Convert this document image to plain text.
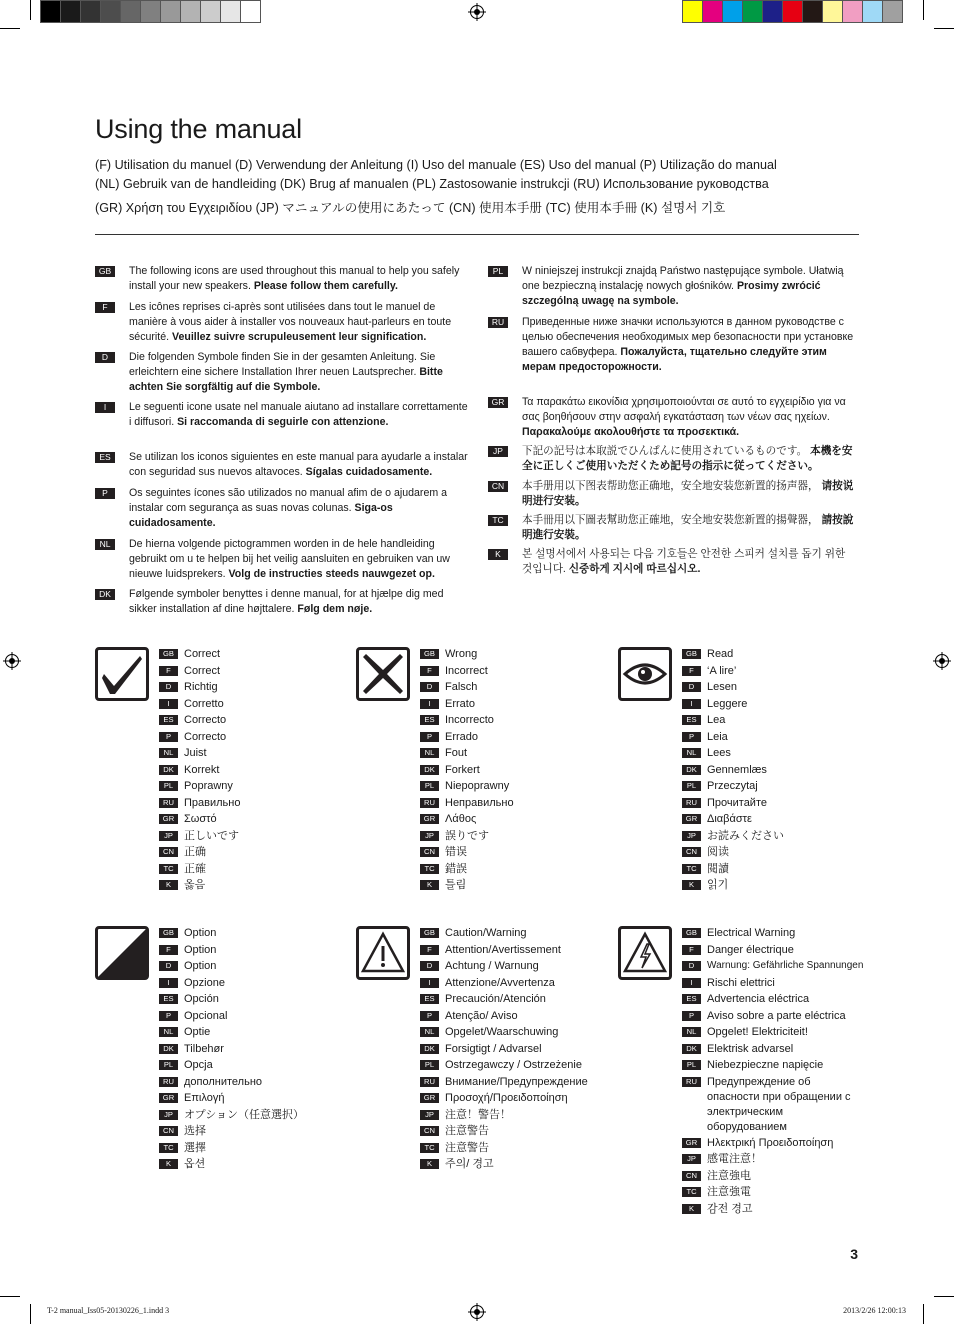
Using the manual
(F) Utilisation du manuel (D) Verwendung der Anleitung (I) Uso del manuale (ES) Uso del manual (P) Utilização do manual
(NL) Gebruik van de handleiding (DK) Brug af manualen (PL) Zastosowanie instrukcji (RU) Использование руководства
(GR) Χρήση του Εγχειριδίου (JP) マニュアルの使用にあたって (CN) 使用本手册 (TC) 使用本手冊 (K) 설명서 기호
GB	The following icons are used throughout this manual to help you safely install your new speakers. Please follow them carefully.
F	Les icônes reprises ci-après sont utilisées dans tout le manuel de manière à vous aider à installer vos nouveaux haut-parleurs en toute sécurité. Veuillez suivre scrupuleusement leur signification.
D	Die folgenden Symbole finden Sie in der gesamten Anleitung. Sie erleichtern eine sichere Installation Ihrer neuen Lautsprecher. Bitte achten Sie sorgfältig auf die Symbole.
I	Le seguenti icone usate nel manuale aiutano ad installare correttamente i diffusori. Si raccomanda di seguirle con attenzione.
ES	Se utilizan los iconos siguientes en este manual para ayudarle a instalar con seguridad sus nuevos altavoces. Sígalas cuidadosamente.
P	Os seguintes ícones são utilizados no manual afim de o ajudarem a instalar com segurança as suas novas colunas. Siga-os cuidadosamente.
NL	De hierna volgende pictogrammen worden in de hele handleiding gebruikt om u te helpen bij het veilig aansluiten en gebruiken van uw nieuwe luidsprekers. Volg de instructies steeds nauwgezet op.
DK	Følgende symboler benyttes i denne manual, for at hjælpe dig med sikker installation af dine højttalere. Følg dem nøje.
PL	W niniejszej instrukcji znajdą Państwo następujące symbole. Ułatwią one bezpieczną instalację nowych głośników. Prosimy zwrócić szczególną uwagę na symbole.
RU	Приведенные ниже значки используются в данном руководстве с целью обеспечения необходимых мер безопасности при установке вашего сабвуфера. Пожалуйста, тщательно следуйте этим мерам предосторожности.
GR	Τα παρακάτω εικονίδια χρησιμοποιούνται σε αυτό το εγχειρίδιο για να σας βοηθήσουν στην ασφαλή εγκατάσταση των νέων σας ηχείων. Παρακαλούμε ακολουθήστε τα προσεκτικά.
JP	下記の記号は本取説でひんぱんに使用されているものです。 本機を安全に正しくご使用いただくため記号の指示に従ってください。
CN	本手册用以下图表帮助您正确地，安全地安装您新置的扬声器， 请按说明进行安装。
TC	本手冊用以下圖表幫助您正確地，安全地安裝您新置的揚聲器， 請按說明進行安裝。
K	본 설명서에서 사용되는 다음 기호들은 안전한 스피커 설치를 돕기 위한 것입니다. 신중하게 지시에 따르십시오.
GB Correct
F	Correct
D	Richtig
I	Corretto
ES Correcto
P	Correcto
NL Juist
DK Korrekt
PL Poprawny
RU Правильно
GR Σωστό
JP	正しいです
CN 正确
TC 正確
K	옳음
GB Wrong
F	Incorrect
D	Falsch
I	Errato
ES Incorrecto
P	Errado
NL Fout
DK Forkert
PL Niepoprawny
RU Неправильно
GR Λάθος
JP	誤りです
CN 错误
TC 錯誤
K	틀림
GB Read
F	‘A lire’
D	Lesen
I	Leggere
ES Lea
P	Leia
NL Lees
DK Gennemlæs
PL Przeczytaj
RU Прочитайте
GR Διαβάστε
JP	お読みください
CN 阅读
TC 閱讀
K	읽기
GB Option
F	Option
D	Option
I	Opzione
ES Opción
P	Opcional
NL Optie
DK Tilbehør
PL Opcja
RU дополнительно
GR Επιλογή
JP	オプション（任意選択）
CN 选择
TC 選擇
K	옵션
GB Caution/Warning
F	Attention/Avertissement
D	Achtung / Warnung
I	Attenzione/Avvertenza
ES Precaución/Atención
P	Atenção/ Aviso
NL Opgelet/Waarschuwing
DK Forsigtigt / Advarsel
PL Ostrzegawczy / Ostrzeżenie
RU Внимание/Предупреждение
GR Προσοχή/Προειδοποίηση
JP	注意！警告！
CN 注意警告
TC 注意警告
K	주의/ 경고
GB Electrical Warning
F	Danger électrique
D	Warnung: Gefährliche Spannungen
I	Rischi elettrici
ES Advertencia eléctrica
P	Aviso sobre a parte eléctrica
NL Opgelet! Elektriciteit!
DK Elektrisk advarsel
PL Niebezpieczne napięcie
RU Предупреждение об опасности при обращении с электрическим оборудованием
GR Ηλεκτρική Προειδοποίηση
JP	感電注意！
CN 注意強电
TC 注意強電
K	감전 경고
3
T-2 manual_Iss05-20130226_1.indd 3	2013/2/26 12:00:13
